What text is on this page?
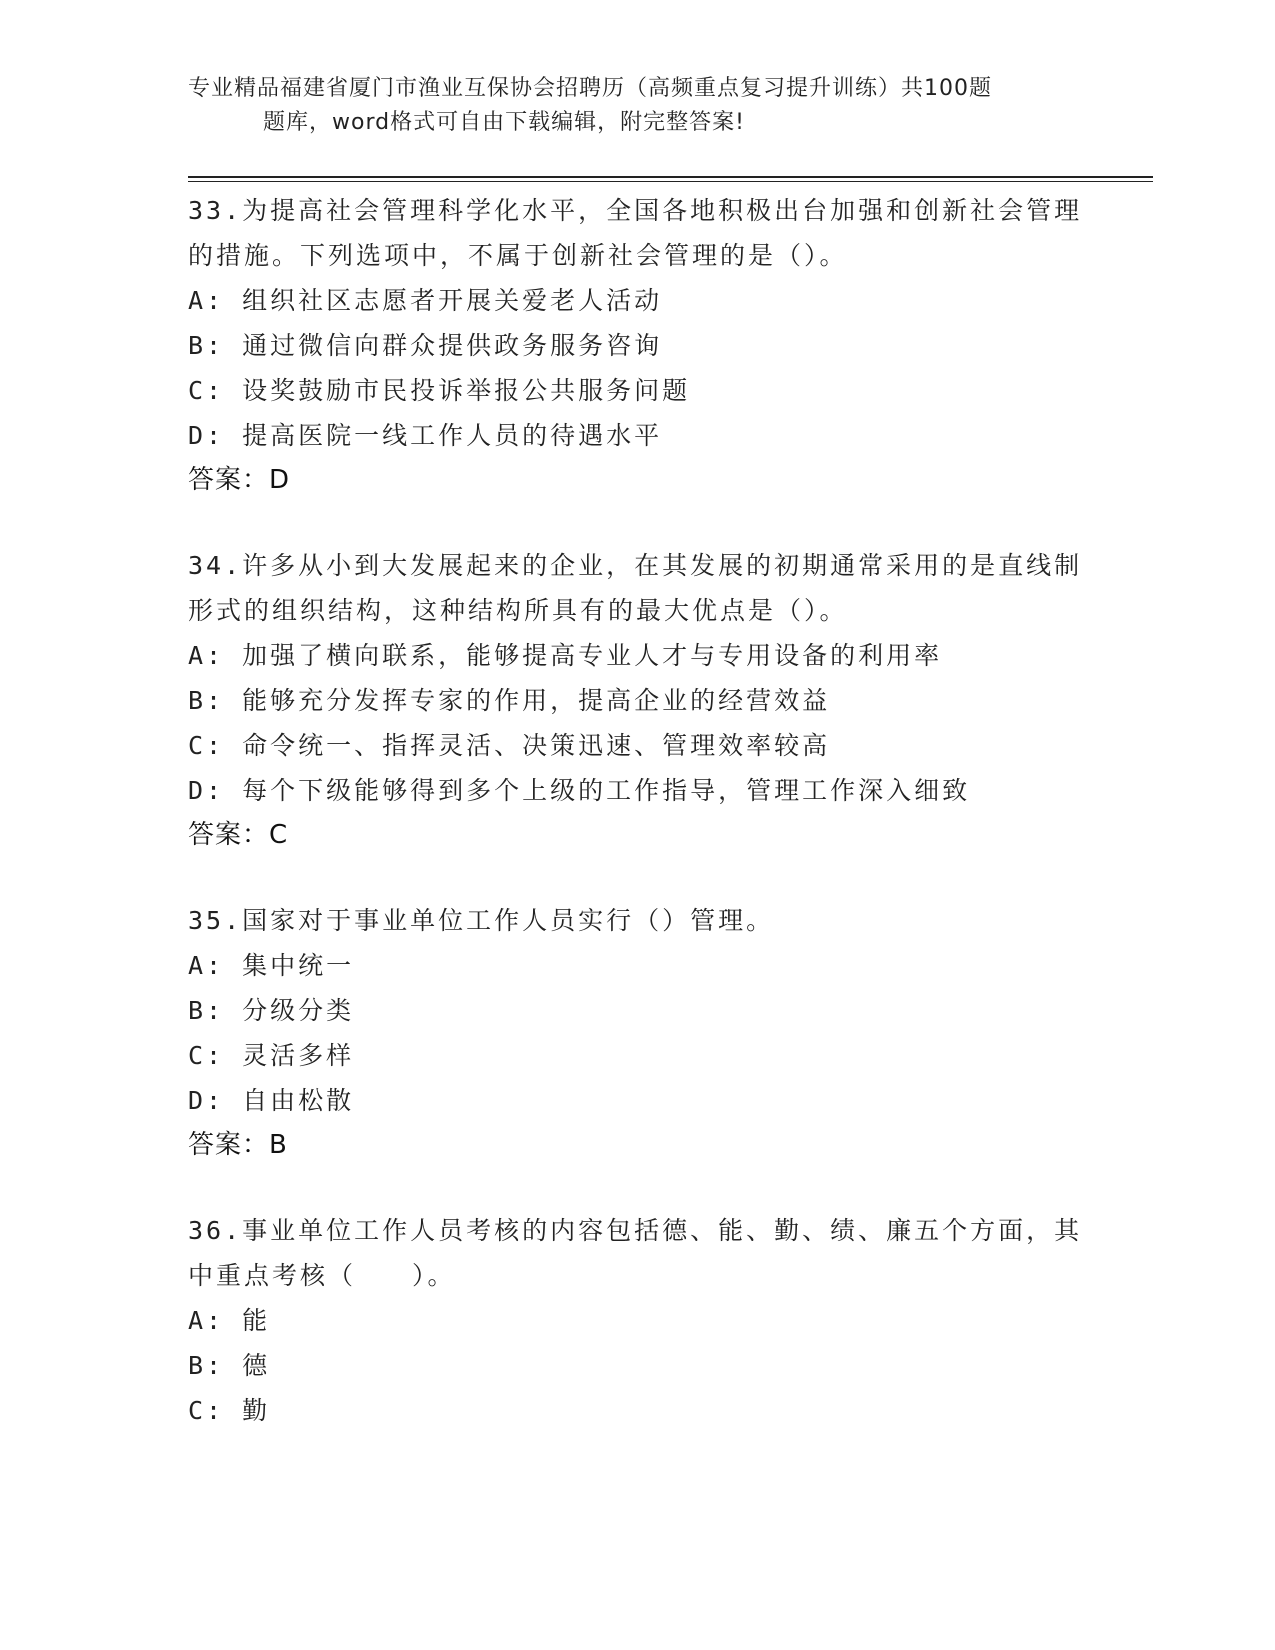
专业精品福建省厦门市渔业互保协会招聘历（高频重点复习提升训练）共100题
题库，word格式可自由下载编辑，附完整答案!
33.为提高社会管理科学化水平，全国各地积极出台加强和创新社会管理的措施。下列选项中，不属于创新社会管理的是（）。
A: 组织社区志愿者开展关爱老人活动
B: 通过微信向群众提供政务服务咨询
C: 设奖鼓励市民投诉举报公共服务问题
D: 提高医院一线工作人员的待遇水平
答案：D
34.许多从小到大发展起来的企业，在其发展的初期通常采用的是直线制形式的组织结构，这种结构所具有的最大优点是（）。
A: 加强了横向联系，能够提高专业人才与专用设备的利用率
B: 能够充分发挥专家的作用，提高企业的经营效益
C: 命令统一、指挥灵活、决策迅速、管理效率较高
D: 每个下级能够得到多个上级的工作指导，管理工作深入细致
答案：C
35.国家对于事业单位工作人员实行（）管理。
A: 集中统一
B: 分级分类
C: 灵活多样
D: 自由松散
答案：B
36.事业单位工作人员考核的内容包括德、能、勤、绩、廉五个方面，其中重点考核（　　）。
A: 能
B: 德
C: 勤
